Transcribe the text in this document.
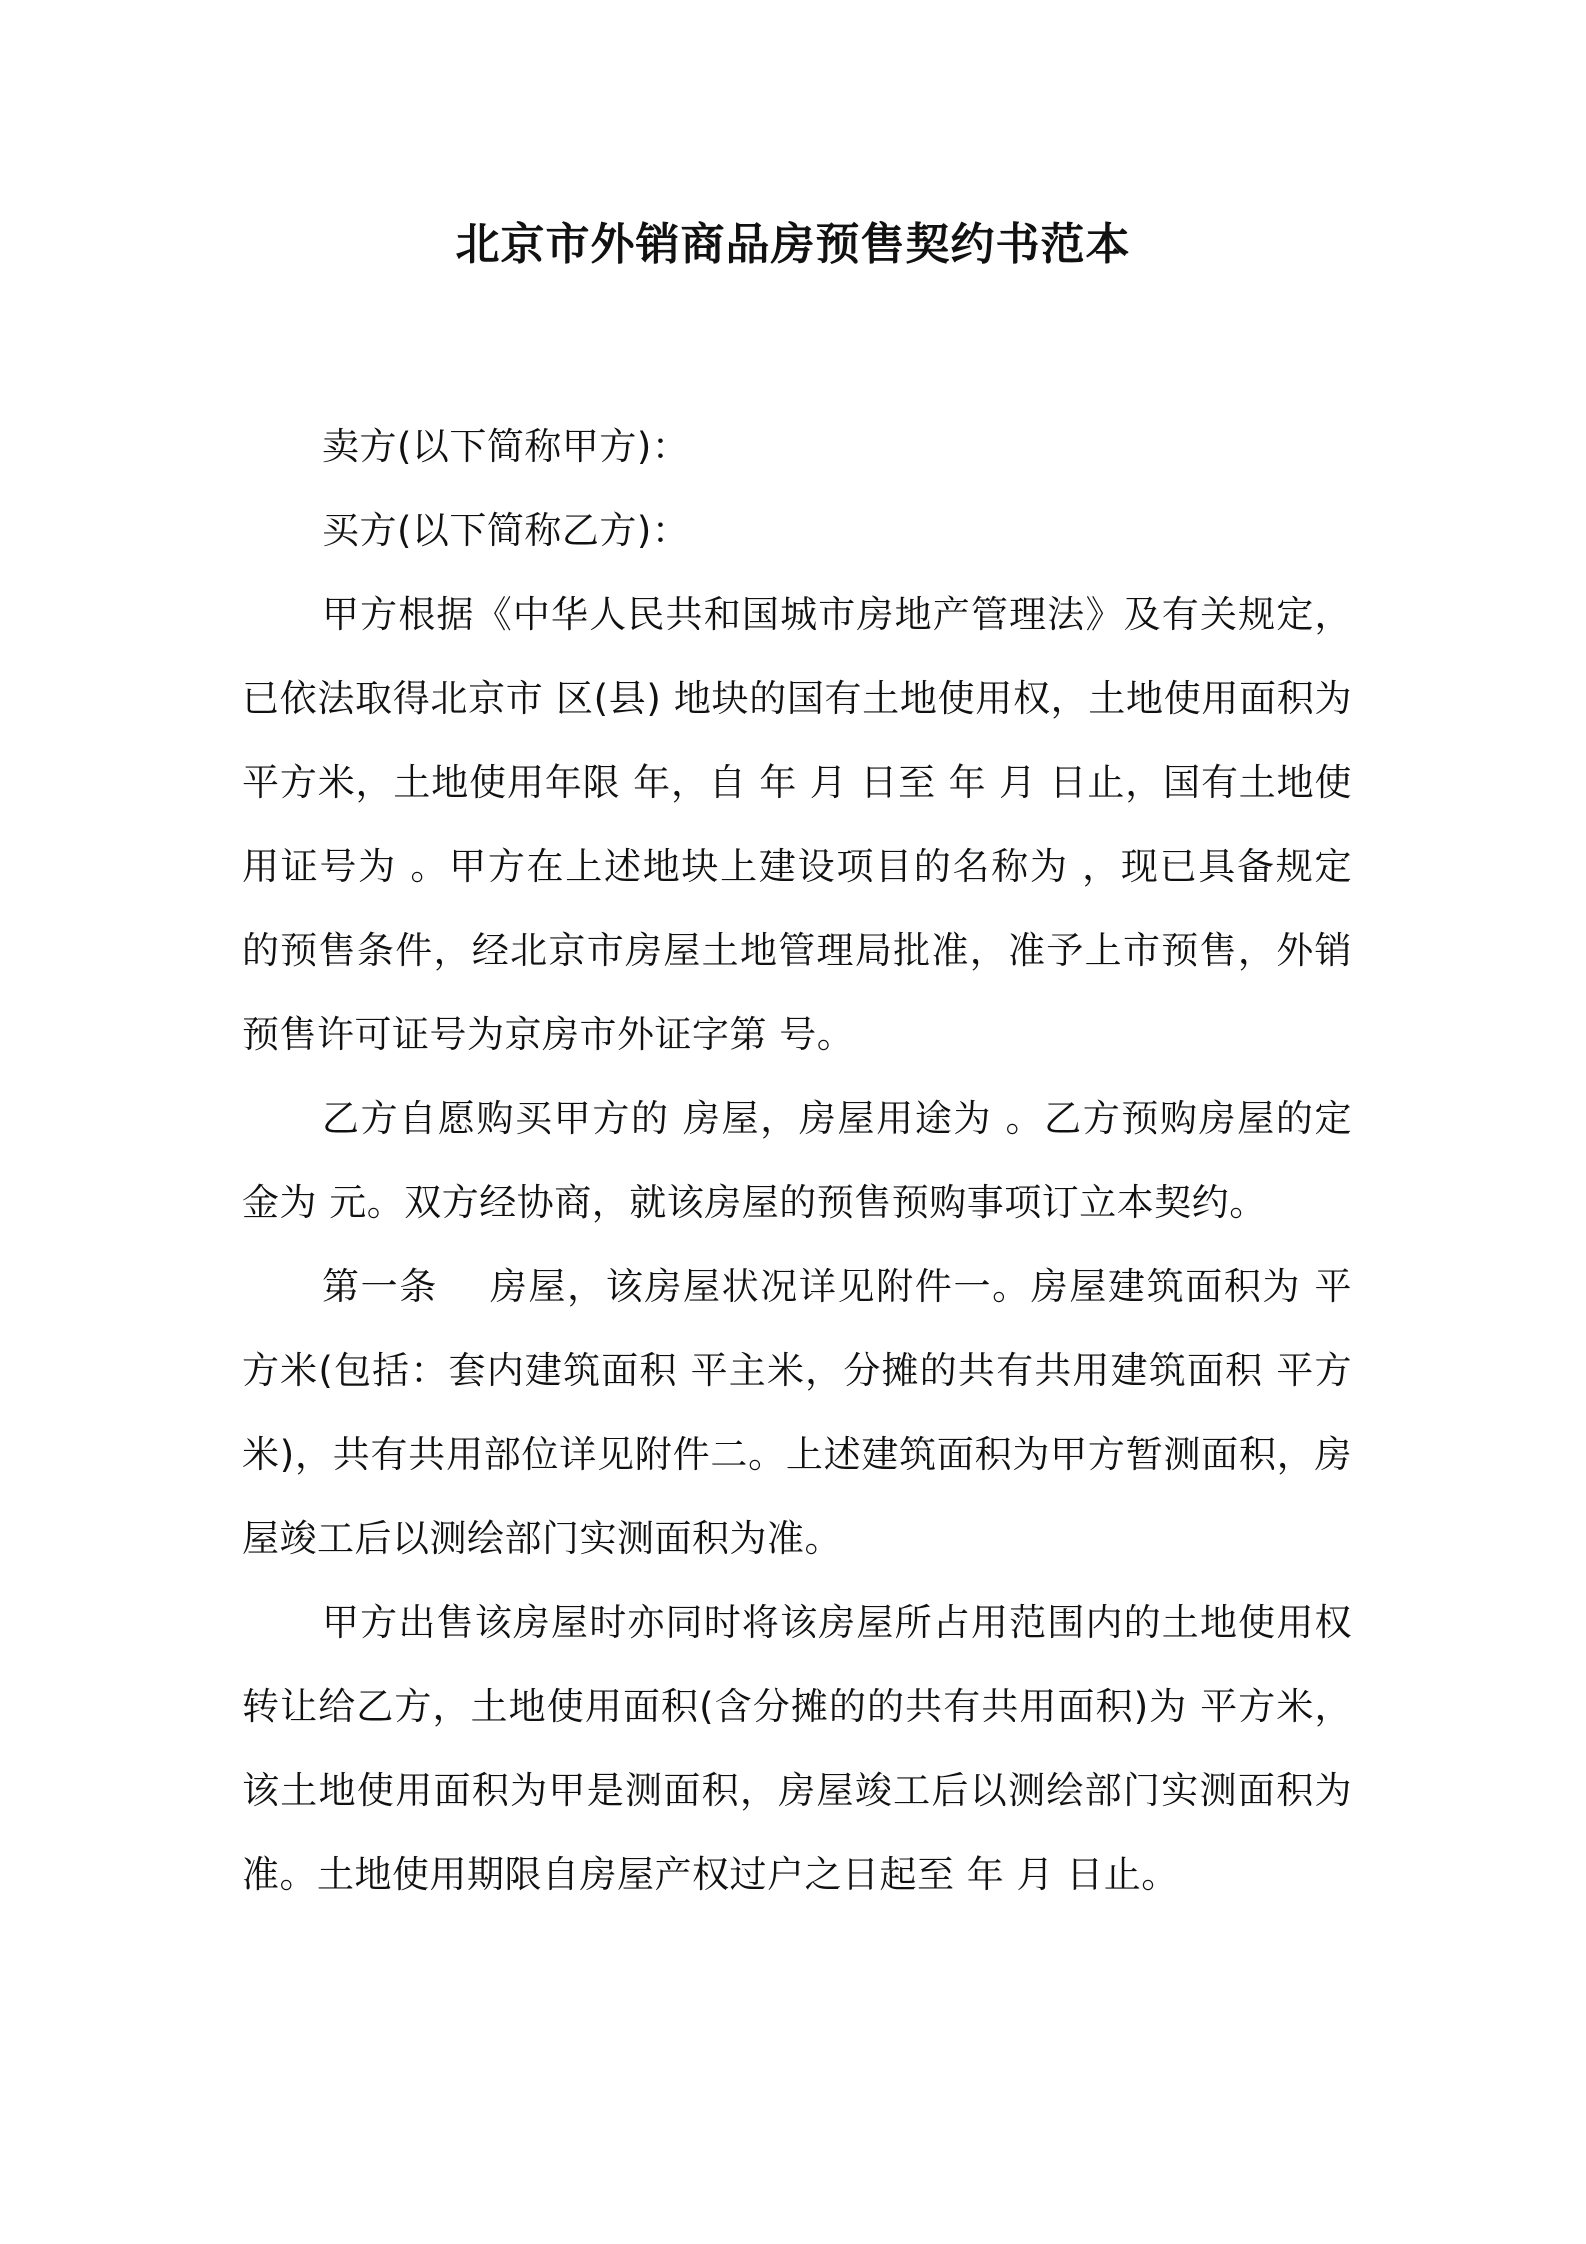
北京市外销商品房预售契约书范本

卖方(以下简称甲方)：

买方(以下简称乙方)：

甲方根据《中华人民共和国城市房地产管理法》及有关规定，已依法取得北京市 区(县) 地块的国有土地使用权，土地使用面积为 平方米，土地使用年限 年，自 年 月 日至 年 月 日止，国有土地使用证号为 。甲方在上述地块上建设项目的名称为 ，现已具备规定的预售条件，经北京市房屋土地管理局批准，准予上市预售，外销预售许可证号为京房市外证字第 号。

乙方自愿购买甲方的 房屋，房屋用途为 。乙方预购房屋的定金为 元。双方经协商，就该房屋的预售预购事项订立本契约。

第一条　 房屋，该房屋状况详见附件一。房屋建筑面积为 平方米(包括：套内建筑面积 平主米，分摊的共有共用建筑面积 平方米)，共有共用部位详见附件二。上述建筑面积为甲方暂测面积，房屋竣工后以测绘部门实测面积为准。

甲方出售该房屋时亦同时将该房屋所占用范围内的土地使用权转让给乙方，土地使用面积(含分摊的的共有共用面积)为 平方米，该土地使用面积为甲是测面积，房屋竣工后以测绘部门实测面积为准。土地使用期限自房屋产权过户之日起至 年 月 日止。
